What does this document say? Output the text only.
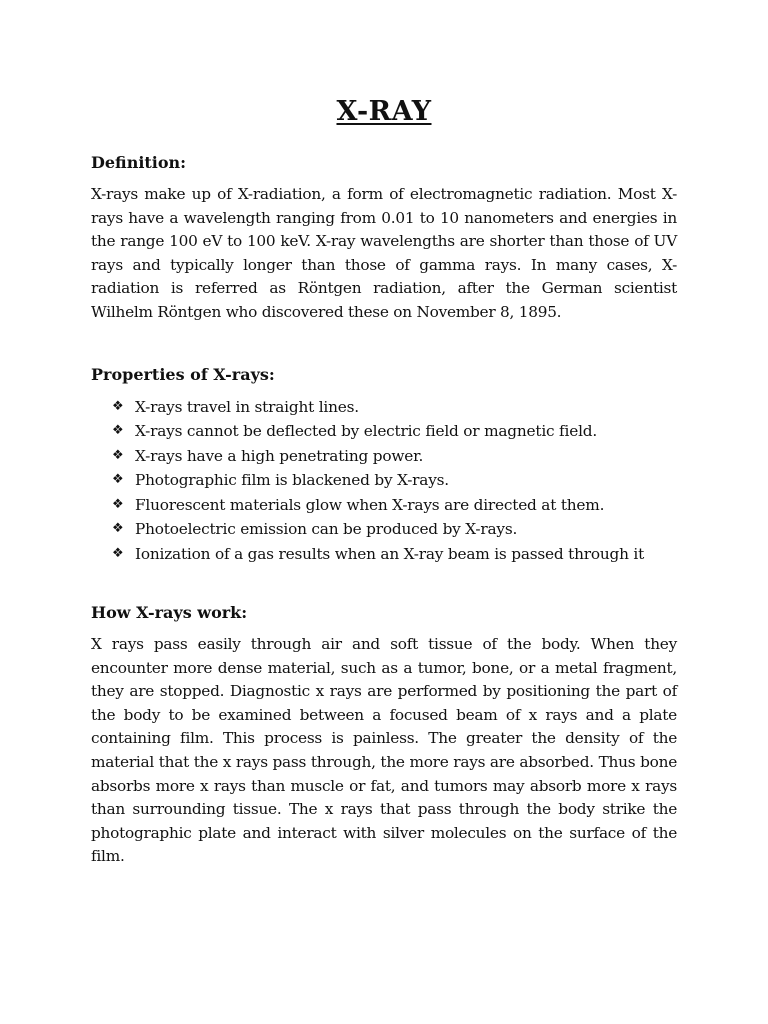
X-RAY

Definition:

X-rays make up of X-radiation, a form of electromagnetic radiation. Most X-rays have a wavelength ranging from 0.01 to 10 nanometers and energies in the range 100 eV to 100 keV. X-ray wavelengths are shorter than those of UV rays and typically longer than those of gamma rays. In many cases, X-radiation is referred as Röntgen radiation, after the German scientist Wilhelm Röntgen who discovered these on November 8, 1895.

Properties of X-rays:

❖ X-rays travel in straight lines.
❖ X-rays cannot be deflected by electric field or magnetic field.
❖ X-rays have a high penetrating power.
❖ Photographic film is blackened by X-rays.
❖ Fluorescent materials glow when X-rays are directed at them.
❖ Photoelectric emission can be produced by X-rays.
❖ Ionization of a gas results when an X-ray beam is passed through it

How X-rays work:

X rays pass easily through air and soft tissue of the body. When they encounter more dense material, such as a tumor, bone, or a metal fragment, they are stopped. Diagnostic x rays are performed by positioning the part of the body to be examined between a focused beam of x rays and a plate containing film. This process is painless. The greater the density of the material that the x rays pass through, the more rays are absorbed. Thus bone absorbs more x rays than muscle or fat, and tumors may absorb more x rays than surrounding tissue. The x rays that pass through the body strike the photographic plate and interact with silver molecules on the surface of the film.
